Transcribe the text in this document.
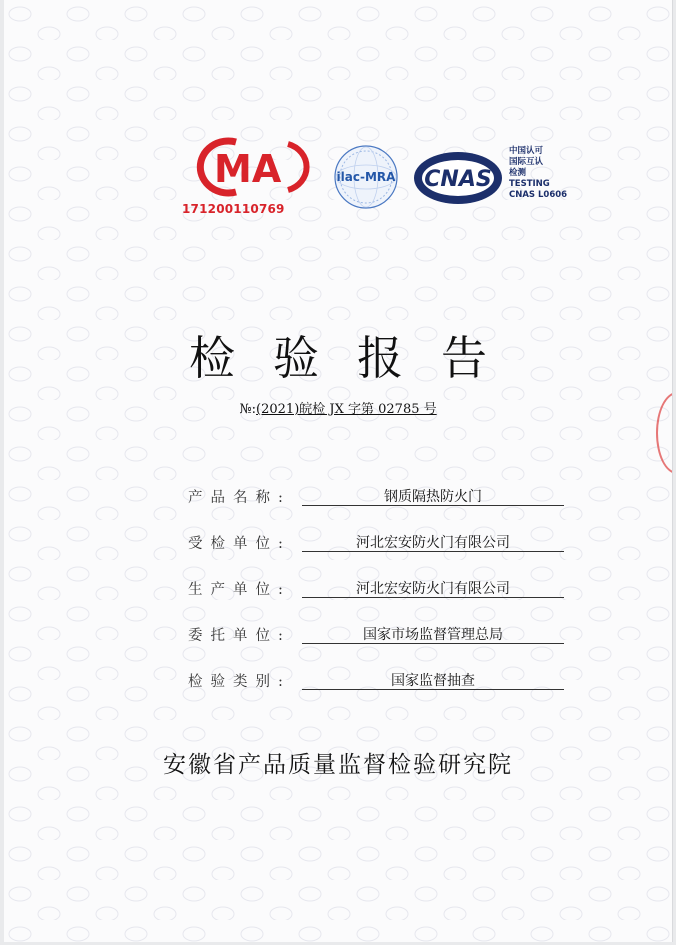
MA
171200110769
ilac-MRA CNAS
中国认可
国际互认
检测
TESTING
CNAS L0606
检验报告
№:(2021)皖检 JX 字第 02785 号
产品名称:	钢质隔热防火门
受检单位:	河北宏安防火门有限公司
生产单位:	河北宏安防火门有限公司
委托单位:	国家市场监督管理总局
检验类别:	国家监督抽查
安徽省产品质量监督检验研究院
